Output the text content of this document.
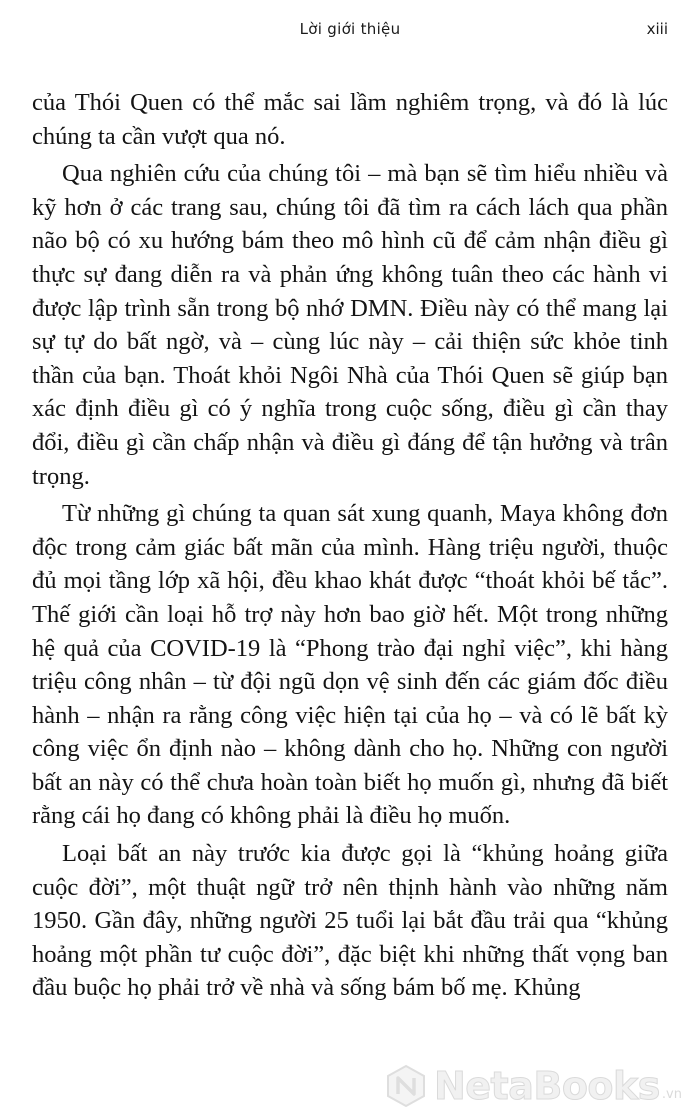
Lời giới thiệu	xiii

của Thói Quen có thể mắc sai lầm nghiêm trọng, và đó là lúc chúng ta cần vượt qua nó.

Qua nghiên cứu của chúng tôi – mà bạn sẽ tìm hiểu nhiều và kỹ hơn ở các trang sau, chúng tôi đã tìm ra cách lách qua phần não bộ có xu hướng bám theo mô hình cũ để cảm nhận điều gì thực sự đang diễn ra và phản ứng không tuân theo các hành vi được lập trình sẵn trong bộ nhớ DMN. Điều này có thể mang lại sự tự do bất ngờ, và – cùng lúc này – cải thiện sức khỏe tinh thần của bạn. Thoát khỏi Ngôi Nhà của Thói Quen sẽ giúp bạn xác định điều gì có ý nghĩa trong cuộc sống, điều gì cần thay đổi, điều gì cần chấp nhận và điều gì đáng để tận hưởng và trân trọng.

Từ những gì chúng ta quan sát xung quanh, Maya không đơn độc trong cảm giác bất mãn của mình. Hàng triệu người, thuộc đủ mọi tầng lớp xã hội, đều khao khát được “thoát khỏi bế tắc”. Thế giới cần loại hỗ trợ này hơn bao giờ hết. Một trong những hệ quả của COVID-19 là “Phong trào đại nghỉ việc”, khi hàng triệu công nhân – từ đội ngũ dọn vệ sinh đến các giám đốc điều hành – nhận ra rằng công việc hiện tại của họ – và có lẽ bất kỳ công việc ổn định nào – không dành cho họ. Những con người bất an này có thể chưa hoàn toàn biết họ muốn gì, nhưng đã biết rằng cái họ đang có không phải là điều họ muốn.

Loại bất an này trước kia được gọi là “khủng hoảng giữa cuộc đời”, một thuật ngữ trở nên thịnh hành vào những năm 1950. Gần đây, những người 25 tuổi lại bắt đầu trải qua “khủng hoảng một phần tư cuộc đời”, đặc biệt khi những thất vọng ban đầu buộc họ phải trở về nhà và sống bám bố mẹ. Khủng

NetaBooks .vn
